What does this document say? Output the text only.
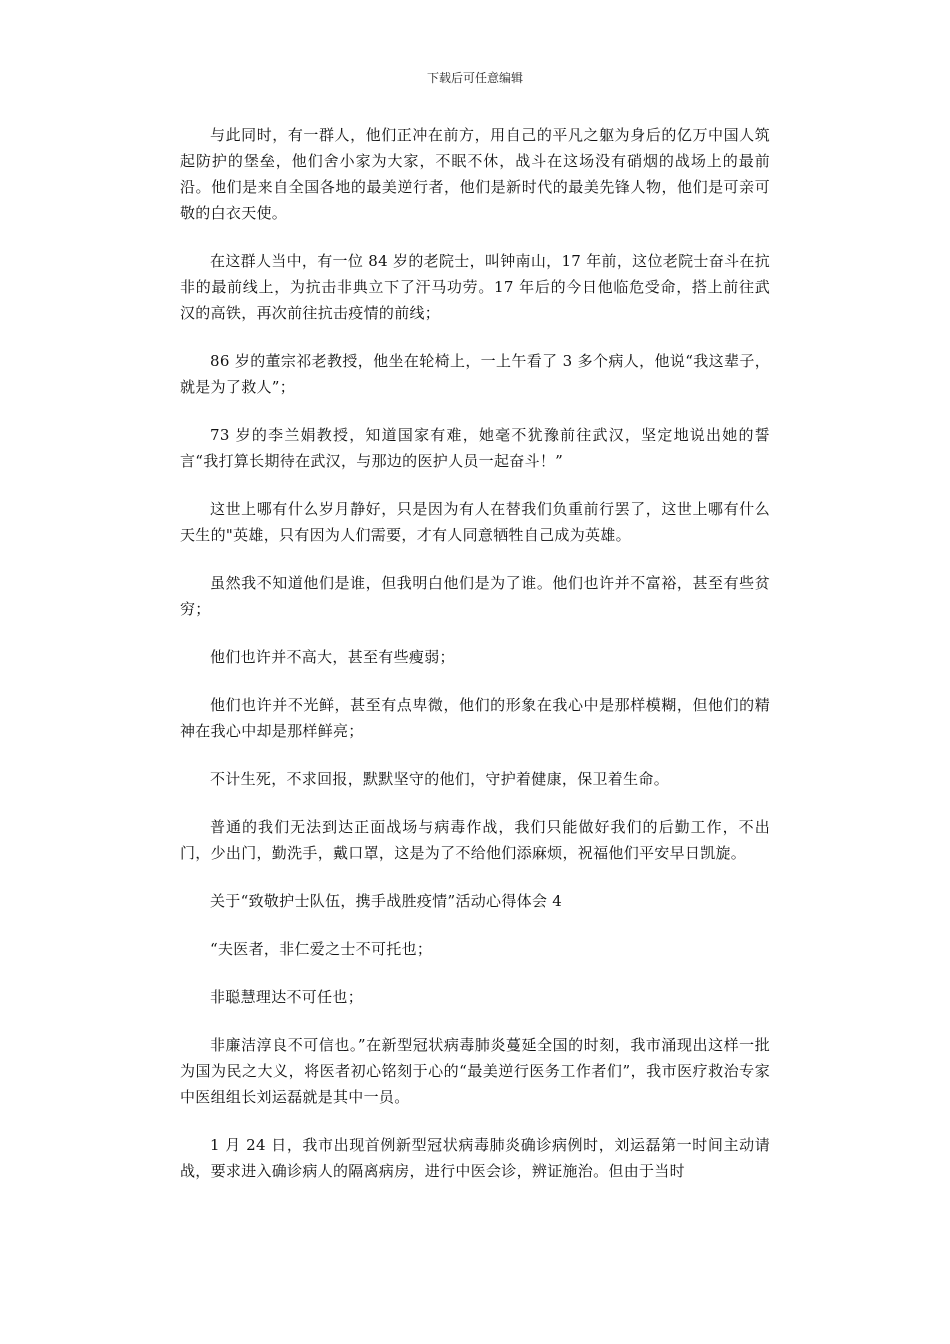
下载后可任意编辑

与此同时，有一群人，他们正冲在前方，用自己的平凡之躯为身后的亿万中国人筑起防护的堡垒，他们舍小家为大家，不眠不休，战斗在这场没有硝烟的战场上的最前沿。他们是来自全国各地的最美逆行者，他们是新时代的最美先锋人物，他们是可亲可敬的白衣天使。

在这群人当中，有一位 84 岁的老院士，叫钟南山，17 年前，这位老院士奋斗在抗非的最前线上，为抗击非典立下了汗马功劳。17 年后的今日他临危受命，搭上前往武汉的高铁，再次前往抗击疫情的前线；

86 岁的董宗祁老教授，他坐在轮椅上，一上午看了 3 多个病人，他说“我这辈子，就是为了救人”；

73 岁的李兰娟教授，知道国家有难，她毫不犹豫前往武汉，坚定地说出她的誓言“我打算长期待在武汉，与那边的医护人员一起奋斗！”

这世上哪有什么岁月静好，只是因为有人在替我们负重前行罢了，这世上哪有什么天生的"英雄，只有因为人们需要，才有人同意牺牲自己成为英雄。

虽然我不知道他们是谁，但我明白他们是为了谁。他们也许并不富裕，甚至有些贫穷；

他们也许并不高大，甚至有些瘦弱；

他们也许并不光鲜，甚至有点卑微，他们的形象在我心中是那样模糊，但他们的精神在我心中却是那样鲜亮；

不计生死，不求回报，默默坚守的他们，守护着健康，保卫着生命。

普通的我们无法到达正面战场与病毒作战，我们只能做好我们的后勤工作，不出门，少出门，勤洗手，戴口罩，这是为了不给他们添麻烦，祝福他们平安早日凯旋。

关于“致敬护士队伍，携手战胜疫情”活动心得体会 4

“夫医者，非仁爱之士不可托也；

非聪慧理达不可任也；

非廉洁淳良不可信也。”在新型冠状病毒肺炎蔓延全国的时刻，我市涌现出这样一批为国为民之大义，将医者初心铭刻于心的“最美逆行医务工作者们”，我市医疗救治专家中医组组长刘运磊就是其中一员。

1 月 24 日，我市出现首例新型冠状病毒肺炎确诊病例时，刘运磊第一时间主动请战，要求进入确诊病人的隔离病房，进行中医会诊，辨证施治。但由于当时
